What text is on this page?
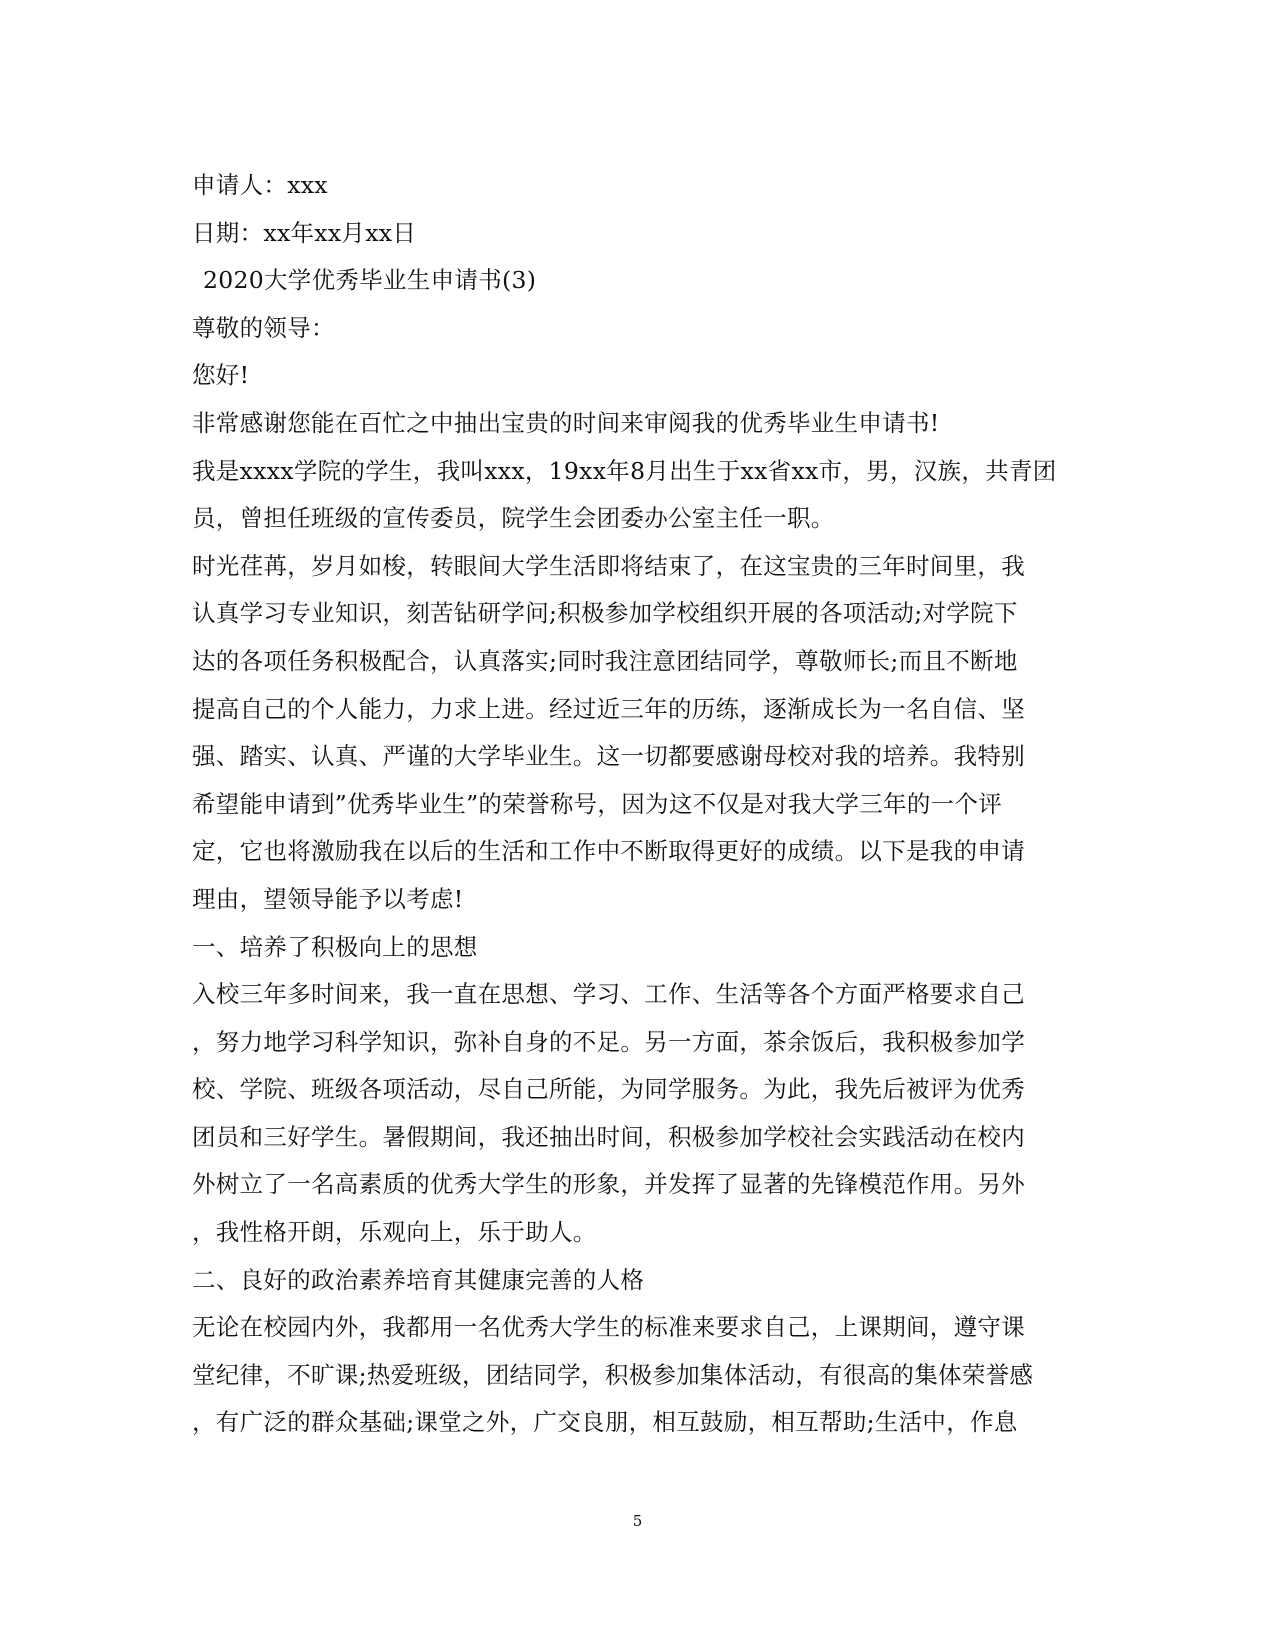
申请人：xxx
日期：xx年xx月xx日
2020大学优秀毕业生申请书(3)
尊敬的领导：
您好!
非常感谢您能在百忙之中抽出宝贵的时间来审阅我的优秀毕业生申请书!
我是xxxx学院的学生，我叫xxx，19xx年8月出生于xx省xx市，男，汉族，共青团
员，曾担任班级的宣传委员，院学生会团委办公室主任一职。
时光荏苒，岁月如梭，转眼间大学生活即将结束了，在这宝贵的三年时间里，我
认真学习专业知识，刻苦钻研学问;积极参加学校组织开展的各项活动;对学院下
达的各项任务积极配合，认真落实;同时我注意团结同学，尊敬师长;而且不断地
提高自己的个人能力，力求上进。经过近三年的历练，逐渐成长为一名自信、坚
强、踏实、认真、严谨的大学毕业生。这一切都要感谢母校对我的培养。我特别
希望能申请到”优秀毕业生”的荣誉称号，因为这不仅是对我大学三年的一个评
定，它也将激励我在以后的生活和工作中不断取得更好的成绩。以下是我的申请
理由，望领导能予以考虑!
一、培养了积极向上的思想
入校三年多时间来，我一直在思想、学习、工作、生活等各个方面严格要求自己
，努力地学习科学知识，弥补自身的不足。另一方面，茶余饭后，我积极参加学
校、学院、班级各项活动，尽自己所能，为同学服务。为此，我先后被评为优秀
团员和三好学生。暑假期间，我还抽出时间，积极参加学校社会实践活动在校内
外树立了一名高素质的优秀大学生的形象，并发挥了显著的先锋模范作用。另外
，我性格开朗，乐观向上，乐于助人。
二、良好的政治素养培育其健康完善的人格
无论在校园内外，我都用一名优秀大学生的标准来要求自己，上课期间，遵守课
堂纪律，不旷课;热爱班级，团结同学，积极参加集体活动，有很高的集体荣誉感
，有广泛的群众基础;课堂之外，广交良朋，相互鼓励，相互帮助;生活中，作息
5
